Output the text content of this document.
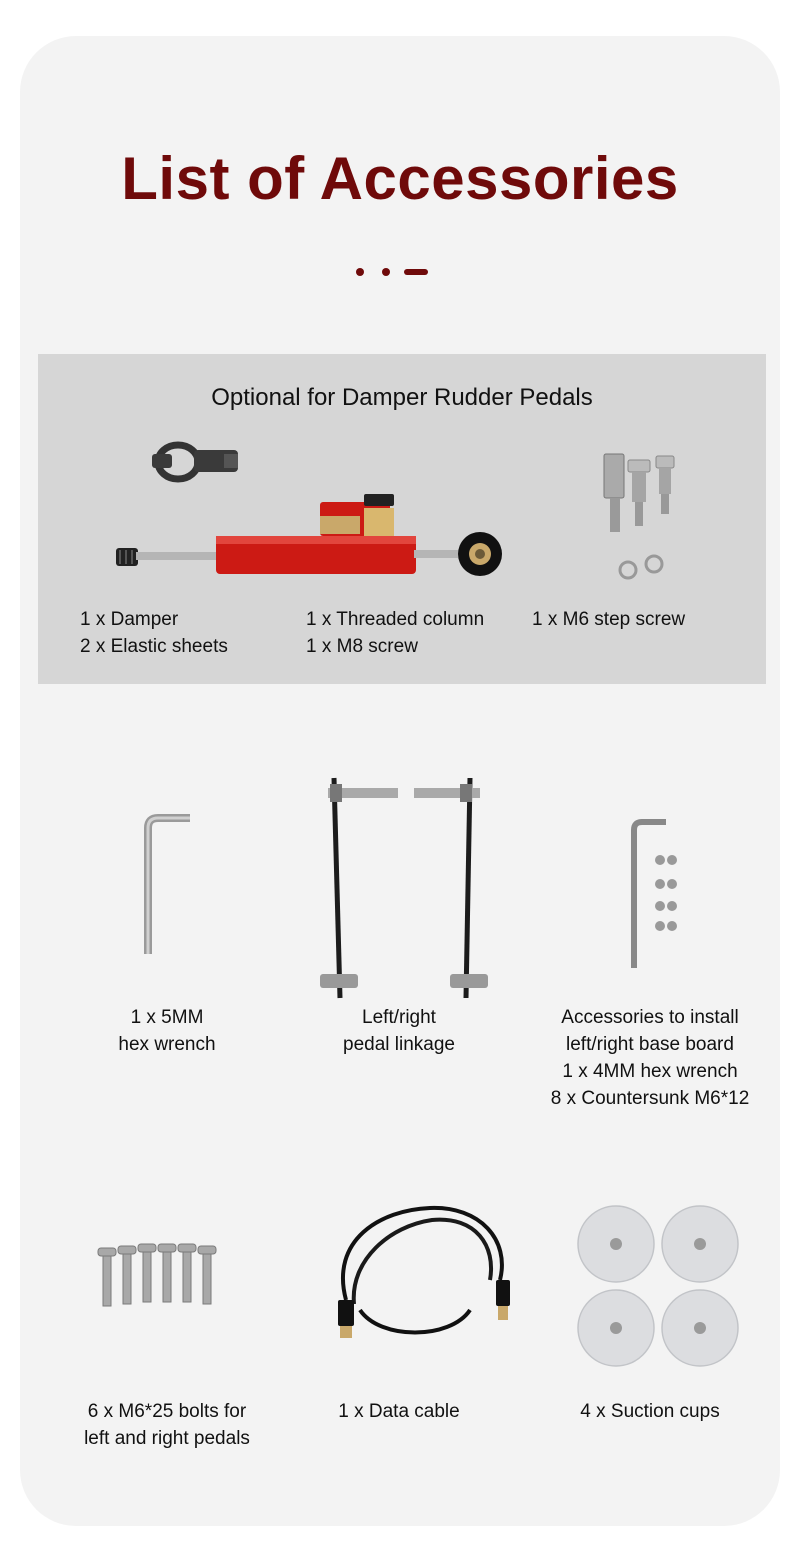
List of Accessories
Optional for Damper Rudder Pedals
1 x Damper
2 x Elastic sheets
1 x Threaded column
1 x M8 screw
1 x M6 step screw
1 x 5MM
hex wrench
Left/right
pedal linkage
Accessories to install
left/right base board
1 x 4MM hex wrench
8 x Countersunk M6*12
6 x M6*25 bolts for
left and right pedals
1 x Data cable	4 x Suction cups
